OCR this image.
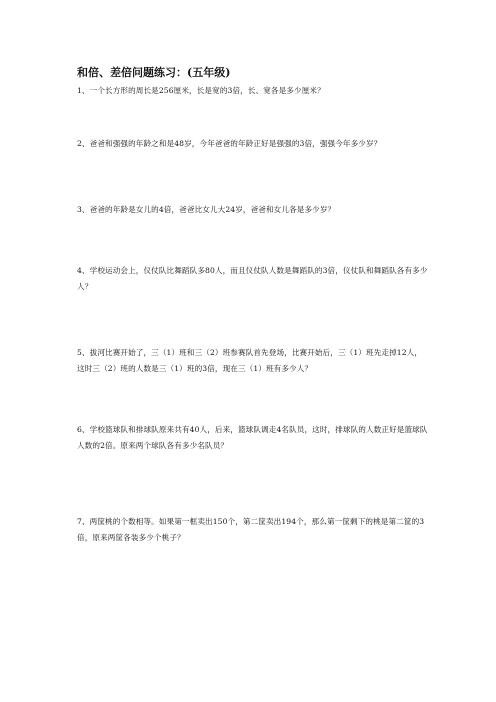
和倍、差倍问题练习：(五年级)
1、一个长方形的周长是256厘米，长是宽的3倍，长、宽各是多少厘米？
2、爸爸和强强的年龄之和是48岁，今年爸爸的年龄正好是强强的3倍，强强今年多少岁？
3、爸爸的年龄是女儿的4倍，爸爸比女儿大24岁，爸爸和女儿各是多少岁？
4、学校运动会上，仪仗队比舞蹈队多80人，而且仪仗队人数是舞蹈队的3倍，仪仗队和舞蹈队各有多少人？
5、拔河比赛开始了，三（1）班和三（2）班参赛队首先登场，比赛开始后，三（1）班先走掉12人，这时三（2）班的人数是三（1）班的3倍，现在三（1）班有多少人？
6、学校篮球队和排球队原来共有40人，后来，篮球队调走4名队员，这时，排球队的人数正好是篮球队人数的2倍。原来两个球队各有多少名队员？
7、两筐桃的个数相等。如果第一框卖出150个，第二筐卖出194个，那么第一筐剩下的桃是第二筐的3倍，原来两筐各装多少个桃子？
